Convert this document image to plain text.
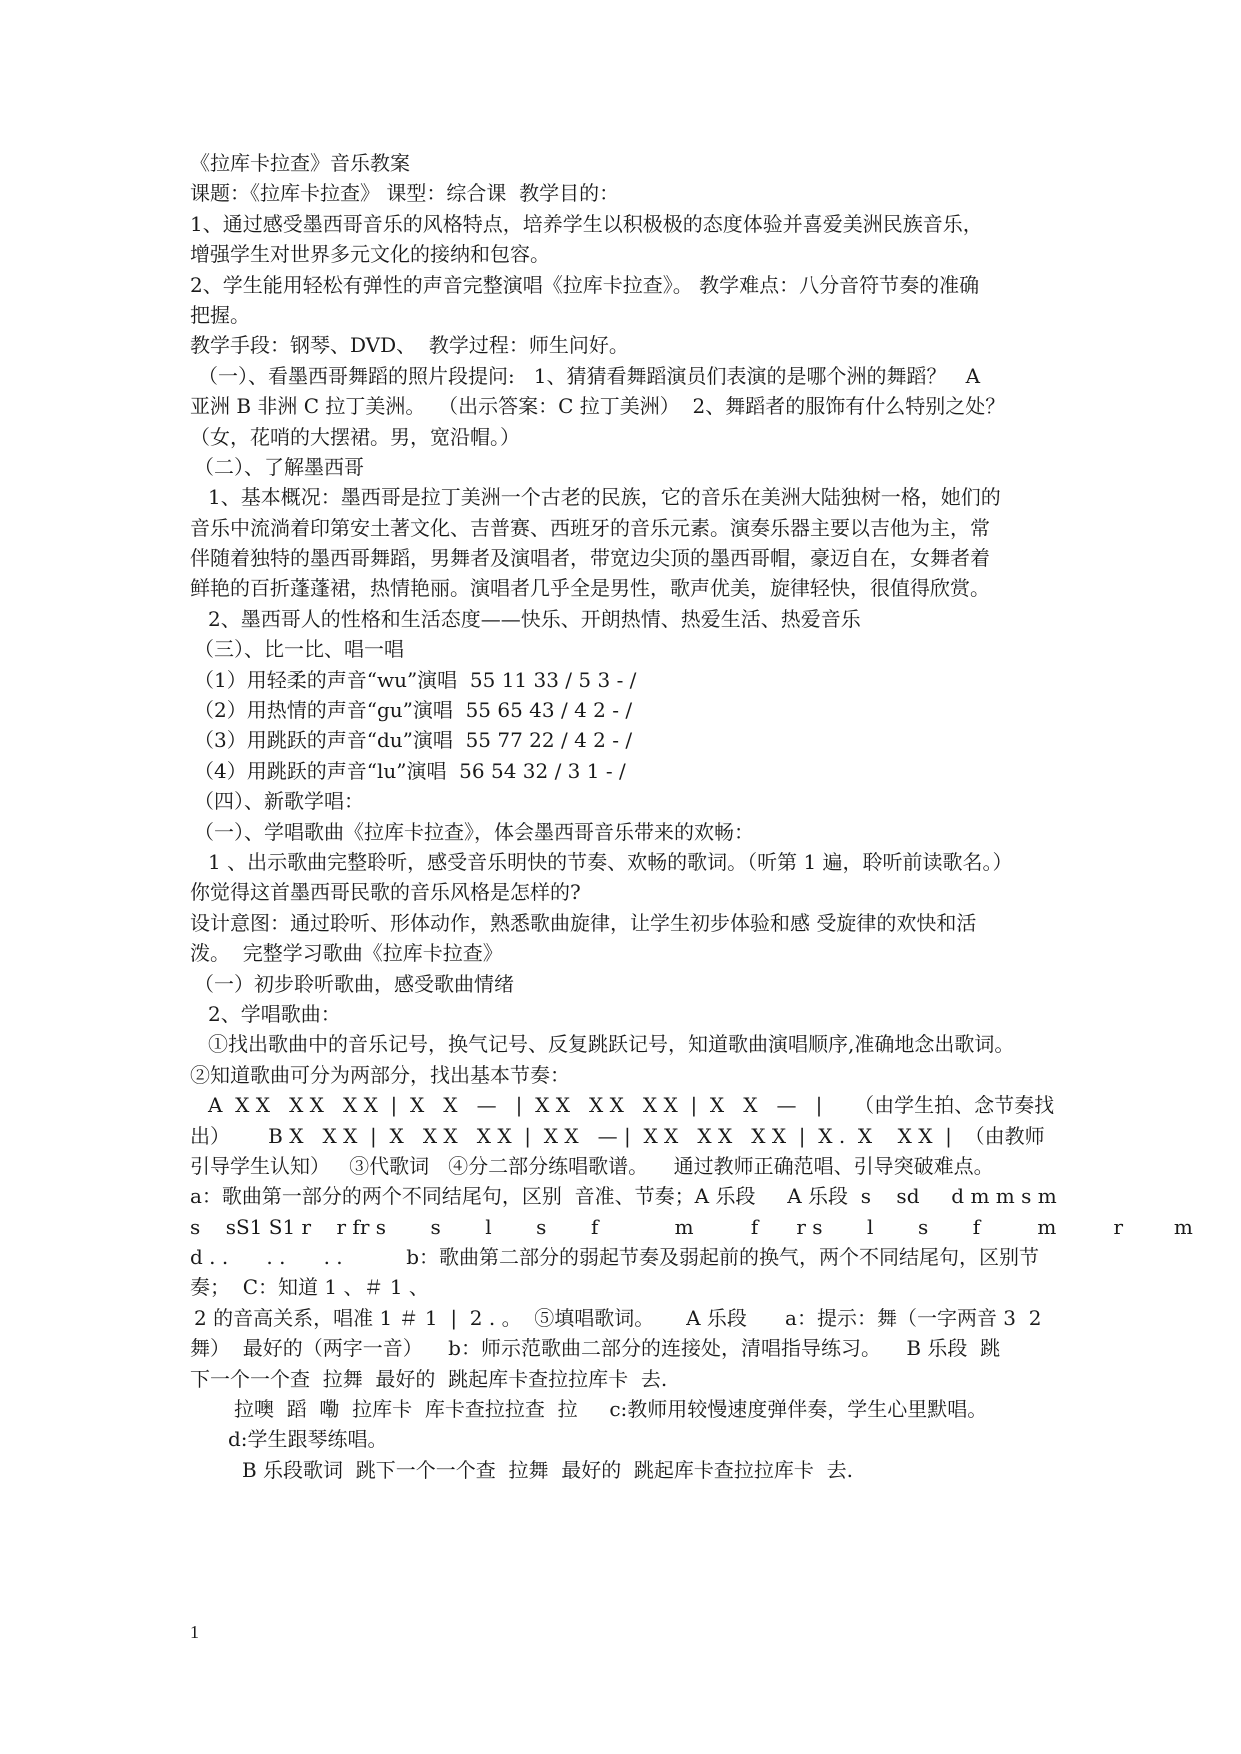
《拉库卡拉查》音乐教案

课题：《拉库卡拉查》 课型：综合课  教学目的：

1、通过感受墨西哥音乐的风格特点，培养学生以积极极的态度体验并喜爱美洲民族音乐，

增强学生对世界多元文化的接纳和包容。

2、学生能用轻松有弹性的声音完整演唱《拉库卡拉查》。 教学难点：八分音符节奏的准确

把握。

教学手段：钢琴、DVD、  教学过程：师生问好。

（一）、看墨西哥舞蹈的照片段提问:   1、猜猜看舞蹈演员们表演的是哪个洲的舞蹈？   A

亚洲 B 非洲 C 拉丁美洲。  （出示答案：C 拉丁美洲）  2、舞蹈者的服饰有什么特别之处？

（女，花哨的大摆裙。男，宽沿帽。）

（二）、了解墨西哥

1、基本概况：墨西哥是拉丁美洲一个古老的民族，它的音乐在美洲大陆独树一格，她们的

音乐中流淌着印第安土著文化、吉普赛、西班牙的音乐元素。演奏乐器主要以吉他为主，常

伴随着独特的墨西哥舞蹈，男舞者及演唱者，带宽边尖顶的墨西哥帽，豪迈自在，女舞者着

鲜艳的百折蓬蓬裙，热情艳丽。演唱者几乎全是男性，歌声优美，旋律轻快，很值得欣赏。

2、墨西哥人的性格和生活态度——快乐、开朗热情、热爱生活、热爱音乐

（三）、比一比、唱一唱

（1）用轻柔的声音“wu”演唱  55 11 33 / 5 3 - /

（2）用热情的声音“gu”演唱  55 65 43 / 4 2 - /

（3）用跳跃的声音“du”演唱  55 77 22 / 4 2 - /

（4）用跳跃的声音“lu”演唱  56 54 32 / 3 1 - /

（四）、新歌学唱：

（一）、学唱歌曲《拉库卡拉查》，体会墨西哥音乐带来的欢畅：

1 、出示歌曲完整聆听，感受音乐明快的节奏、欢畅的歌词。（听第 1 遍，聆听前读歌名。）

你觉得这首墨西哥民歌的音乐风格是怎样的?

设计意图：通过聆听、形体动作，熟悉歌曲旋律，让学生初步体验和感 受旋律的欢快和活

泼。  完整学习歌曲《拉库卡拉查》

（一）初步聆听歌曲，感受歌曲情绪

2、学唱歌曲：

①找出歌曲中的音乐记号，换气记号、反复跳跃记号，知道歌曲演唱顺序,准确地念出歌词。

②知道歌曲可分为两部分，找出基本节奏：

A  X X   X X   X X  |  X   X   —   |  X X   X X   X X  |  X   X   —   |     （由学生拍、念节奏找

出）      B X   X X  |  X   X X   X X  |  X X   — |  X X   X X   X X  |  X .  X    X X  |  （由教师

引导学生认知）   ③代歌词   ④分二部分练唱歌谱。    通过教师正确范唱、引导突破难点。

a：歌曲第一部分的两个不同结尾句，区别  音准、节奏；A 乐段     A 乐段  s    sd     d m m s m

s    sS1 S1 r    r fr s       s       l       s       f            m         f      r s       l       s       f         m         r        m

d . .      . .      . .          b：歌曲第二部分的弱起节奏及弱起前的换气，两个不同结尾句，区别节

奏；  C：知道 1 、＃ 1 、

2 的音高关系，唱准 1 ＃ 1  |  2 . 。  ⑤填唱歌词。     A 乐段      a：提示：舞（一字两音 3  2

舞）  最好的（两字一音）    b：师示范歌曲二部分的连接处，清唱指导练习。    B 乐段  跳

下一个一个查  拉舞  最好的  跳起库卡查拉拉库卡  去.

拉噢  蹈  嘞  拉库卡  库卡查拉拉查  拉     c:教师用较慢速度弹伴奏，学生心里默唱。

d:学生跟琴练唱。

B 乐段歌词  跳下一个一个查  拉舞  最好的  跳起库卡查拉拉库卡  去.

1
